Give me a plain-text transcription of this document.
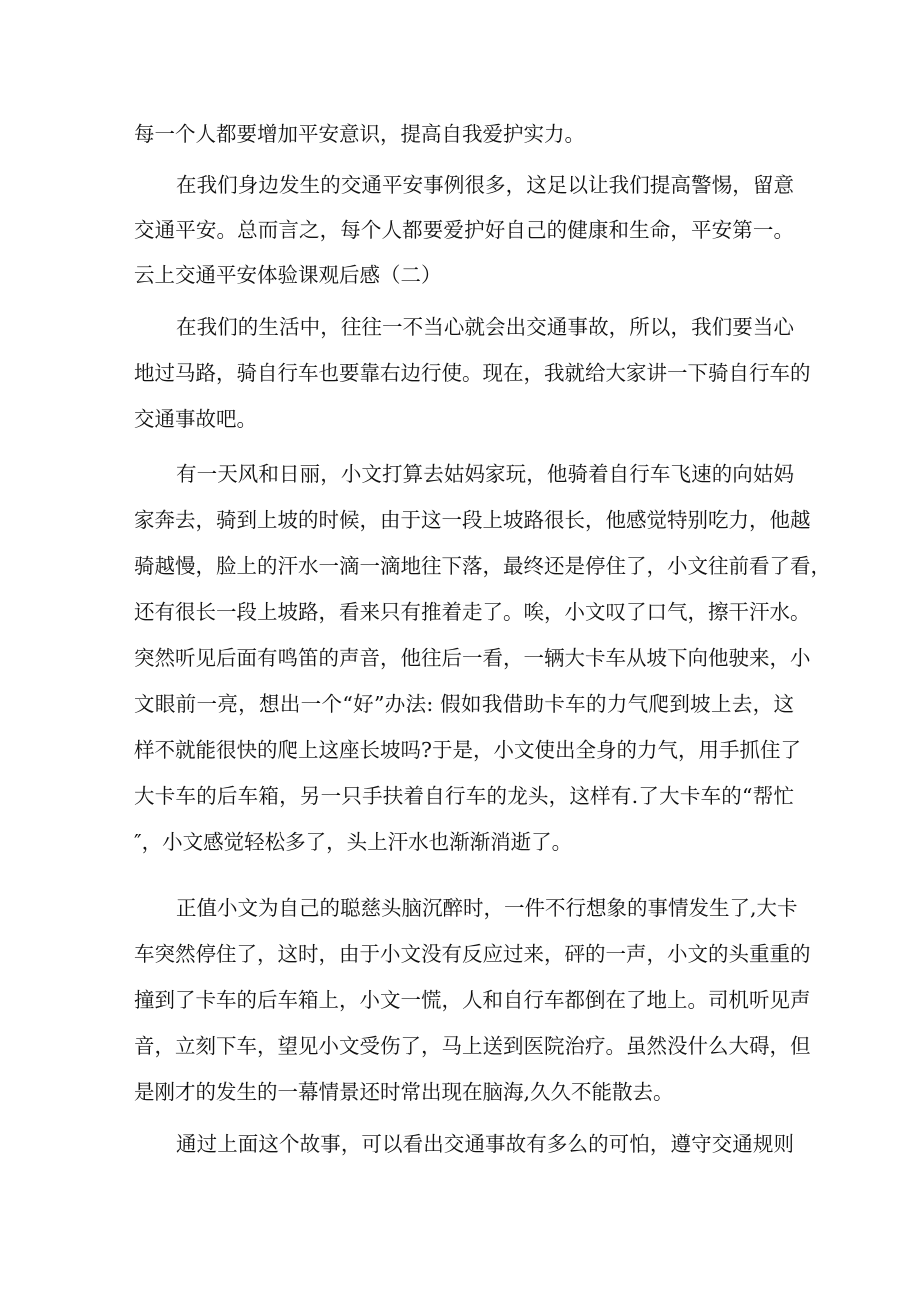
每一个人都要增加平安意识，提高自我爱护实力。
在我们身边发生的交通平安事例很多，这足以让我们提高警惕，留意
交通平安。总而言之，每个人都要爱护好自己的健康和生命，平安第一。
云上交通平安体验课观后感（二）
在我们的生活中，往往一不当心就会出交通事故，所以，我们要当心
地过马路，骑自行车也要靠右边行使。现在，我就给大家讲一下骑自行车的
交通事故吧。
有一天风和日丽，小文打算去姑妈家玩，他骑着自行车飞速的向姑妈
家奔去，骑到上坡的时候，由于这一段上坡路很长，他感觉特别吃力，他越
骑越慢，脸上的汗水一滴一滴地往下落，最终还是停住了，小文往前看了看，
还有很长一段上坡路，看来只有推着走了。唉，小文叹了口气，擦干汗水。
突然听见后面有鸣笛的声音，他往后一看，一辆大卡车从坡下向他驶来，小
文眼前一亮，想出一个“好”办法: 假如我借助卡车的力气爬到坡上去，这
样不就能很快的爬上这座长坡吗?于是，小文使出全身的力气，用手抓住了
大卡车的后车箱，另一只手扶着自行车的龙头，这样有.了大卡车的“帮忙
″，小文感觉轻松多了，头上汗水也渐渐消逝了。
正值小文为自己的聪慈头脑沉醉时，一件不行想象的事情发生了,大卡
车突然停住了，这时，由于小文没有反应过来，砰的一声，小文的头重重的
撞到了卡车的后车箱上，小文一慌，人和自行车都倒在了地上。司机听见声
音，立刻下车，望见小文受伤了，马上送到医院治疗。虽然没什么大碍，但
是刚才的发生的一幕情景还时常出现在脑海,久久不能散去。
通过上面这个故事，可以看出交通事故有多么的可怕，遵守交通规则
